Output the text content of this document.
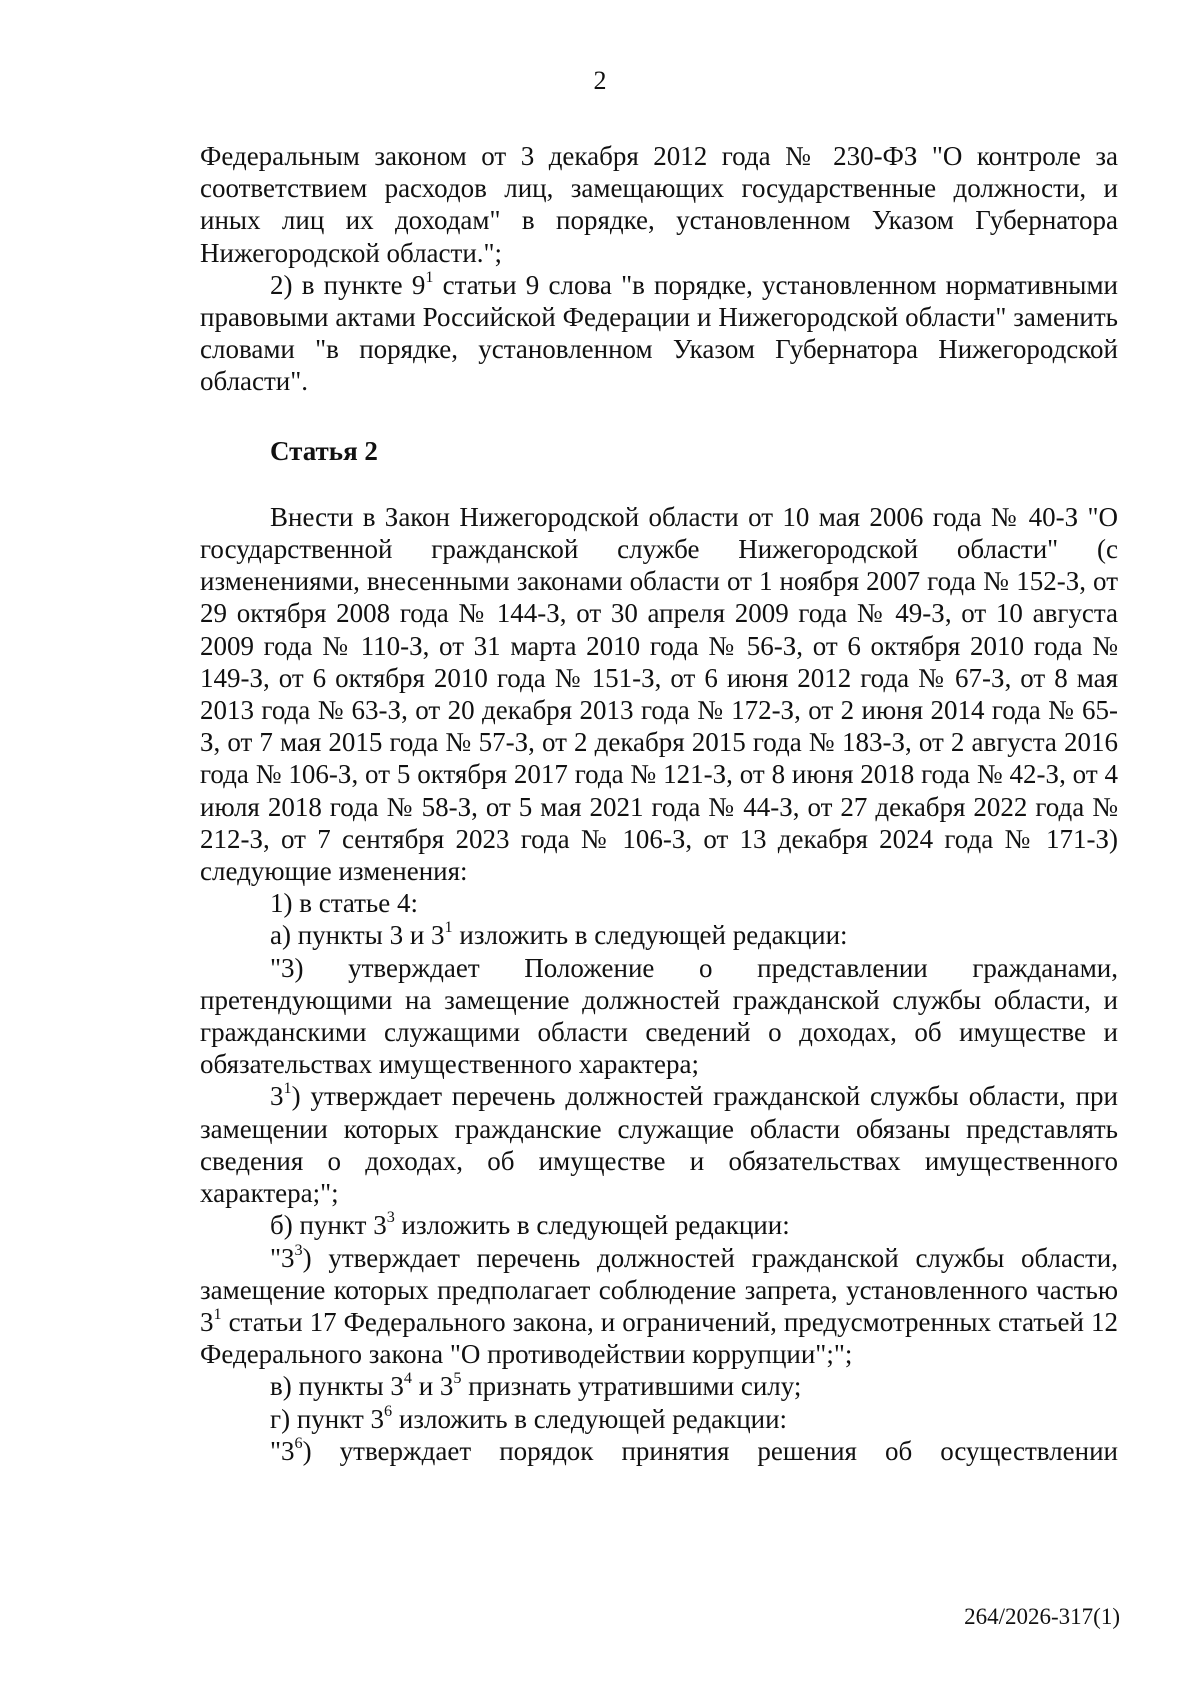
2

Федеральным законом от 3 декабря 2012 года № 230-ФЗ "О контроле за соответствием расходов лиц, замещающих государственные должности, и иных лиц их доходам" в порядке, установленном Указом Губернатора Нижегородской области.";

2) в пункте $9^1$ статьи 9 слова "в порядке, установленном нормативными правовыми актами Российской Федерации и Нижегородской области" заменить словами "в порядке, установленном Указом Губернатора Нижегородской области".

Статья 2

Внести в Закон Нижегородской области от 10 мая 2006 года № 40-З "О государственной гражданской службе Нижегородской области" (с изменениями, внесенными законами области от 1 ноября 2007 года № 152-З, от 29 октября 2008 года № 144-З, от 30 апреля 2009 года № 49-З, от 10 августа 2009 года № 110-З, от 31 марта 2010 года № 56-З, от 6 октября 2010 года № 149-З, от 6 октября 2010 года № 151-З, от 6 июня 2012 года № 67-З, от 8 мая 2013 года № 63-З, от 20 декабря 2013 года № 172-З, от 2 июня 2014 года № 65-З, от 7 мая 2015 года № 57-З, от 2 декабря 2015 года № 183-З, от 2 августа 2016 года № 106-З, от 5 октября 2017 года № 121-З, от 8 июня 2018 года № 42-З, от 4 июля 2018 года № 58-З, от 5 мая 2021 года № 44-З, от 27 декабря 2022 года № 212-З, от 7 сентября 2023 года № 106-З, от 13 декабря 2024 года № 171-З) следующие изменения:

1) в статье 4:

а) пункты 3 и $3^1$ изложить в следующей редакции:

"3) утверждает Положение о представлении гражданами, претендующими на замещение должностей гражданской службы области, и гражданскими служащими области сведений о доходах, об имуществе и обязательствах имущественного характера;

$3^1$) утверждает перечень должностей гражданской службы области, при замещении которых гражданские служащие области обязаны представлять сведения о доходах, об имуществе и обязательствах имущественного характера;";

б) пункт $3^3$ изложить в следующей редакции:

"$3^3$) утверждает перечень должностей гражданской службы области, замещение которых предполагает соблюдение запрета, установленного частью $3^1$ статьи 17 Федерального закона, и ограничений, предусмотренных статьей 12 Федерального закона "О противодействии коррупции";";

в) пункты $3^4$ и $3^5$ признать утратившими силу;

г) пункт $3^6$ изложить в следующей редакции:

"$3^6$) утверждает порядок принятия решения об осуществлении

264/2026-317(1)
